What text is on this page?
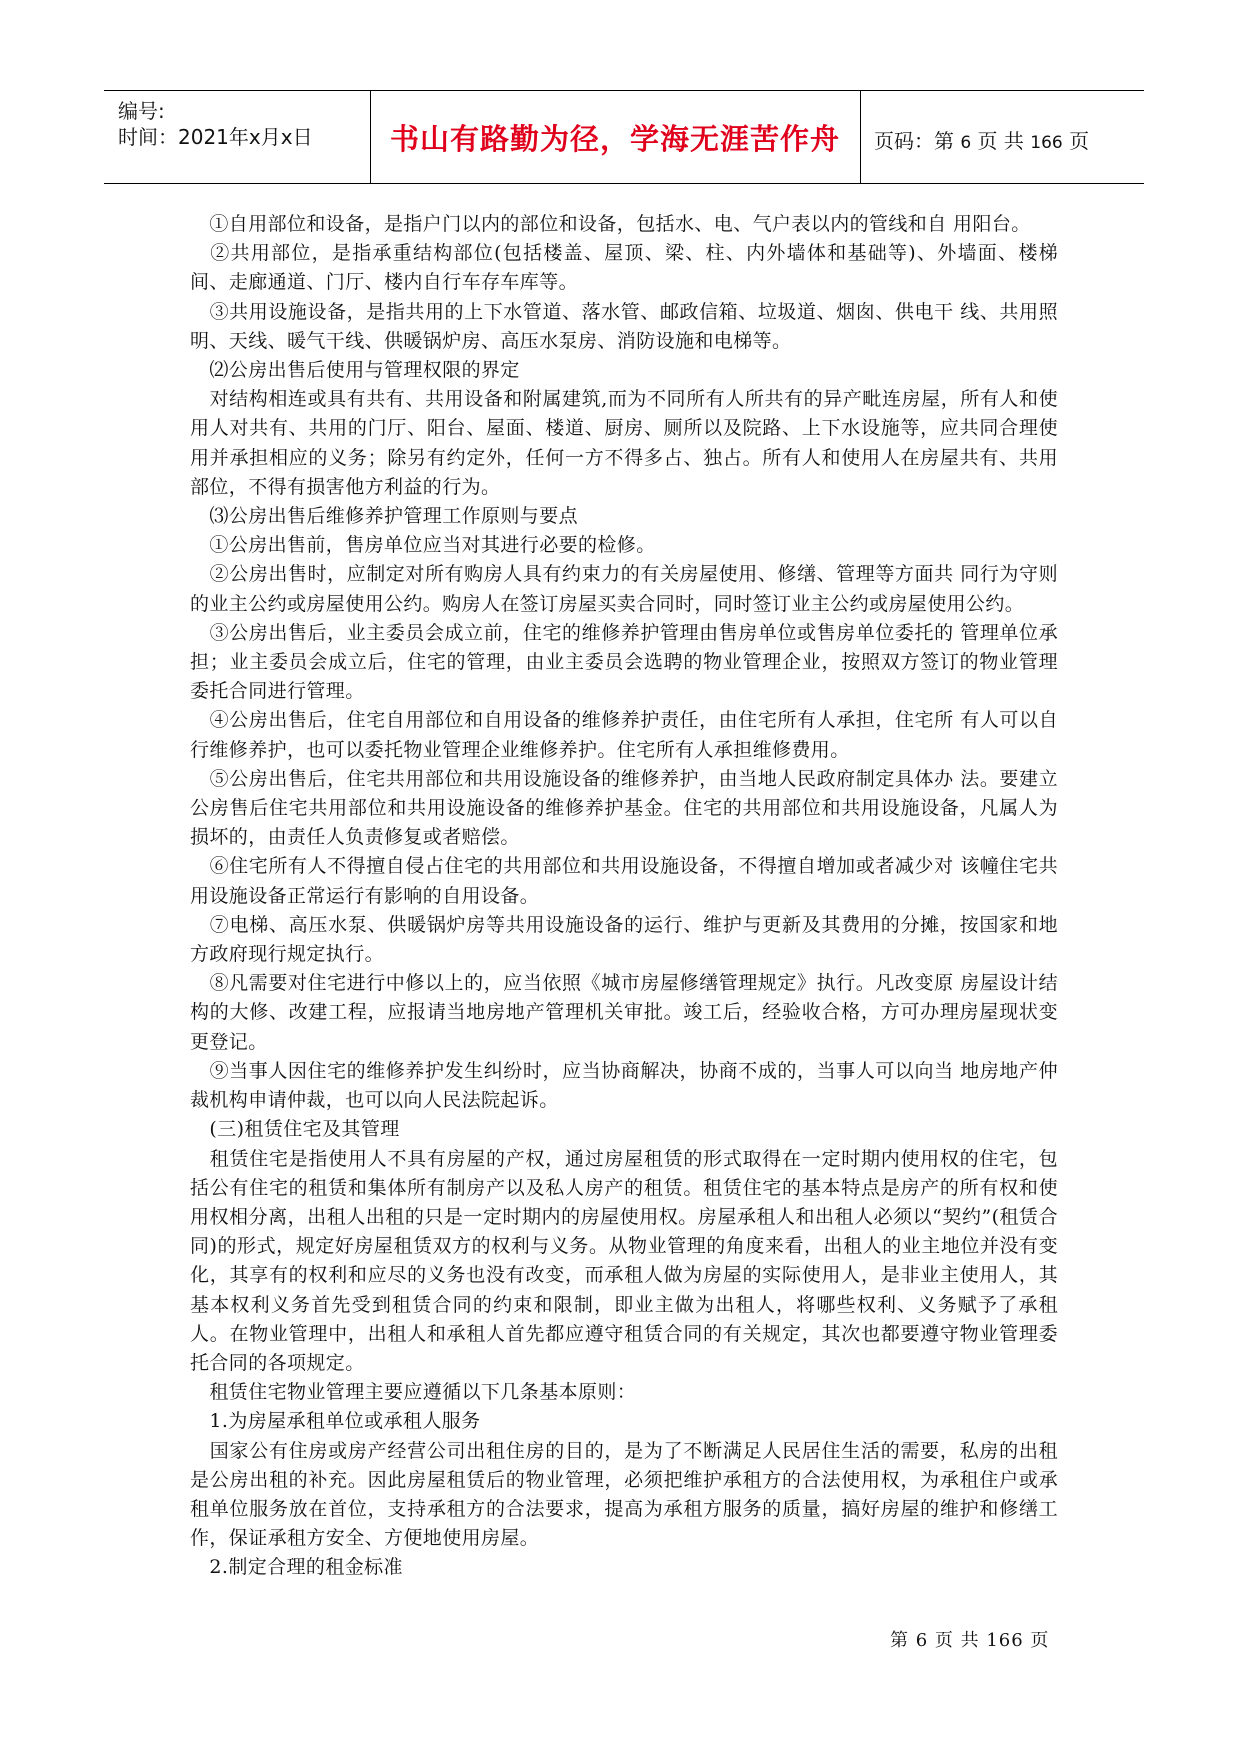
编号:
时间：2021年x月x日	书山有路勤为径，学海无涯苦作舟	页码：第 6 页 共 166 页

　①自用部位和设备，是指户门以内的部位和设备，包括水、电、气户表以内的管线和自 用阳台。

　②共用部位，是指承重结构部位(包括楼盖、屋顶、梁、柱、内外墙体和基础等)、外墙面、楼梯间、走廊通道、门厅、楼内自行车存车库等。

　③共用设施设备，是指共用的上下水管道、落水管、邮政信箱、垃圾道、烟囱、供电干 线、共用照明、天线、暖气干线、供暖锅炉房、高压水泵房、消防设施和电梯等。

　⑵公房出售后使用与管理权限的界定

　对结构相连或具有共有、共用设备和附属建筑,而为不同所有人所共有的异产毗连房屋，所有人和使用人对共有、共用的门厅、阳台、屋面、楼道、厨房、厕所以及院路、上下水设施等，应共同合理使用并承担相应的义务；除另有约定外，任何一方不得多占、独占。所有人和使用人在房屋共有、共用部位，不得有损害他方利益的行为。

　⑶公房出售后维修养护管理工作原则与要点

　①公房出售前，售房单位应当对其进行必要的检修。

　②公房出售时，应制定对所有购房人具有约束力的有关房屋使用、修缮、管理等方面共 同行为守则的业主公约或房屋使用公约。购房人在签订房屋买卖合同时，同时签订业主公约或房屋使用公约。

　③公房出售后，业主委员会成立前，住宅的维修养护管理由售房单位或售房单位委托的 管理单位承担；业主委员会成立后，住宅的管理，由业主委员会选聘的物业管理企业，按照双方签订的物业管理委托合同进行管理。

　④公房出售后，住宅自用部位和自用设备的维修养护责任，由住宅所有人承担，住宅所 有人可以自行维修养护，也可以委托物业管理企业维修养护。住宅所有人承担维修费用。

　⑤公房出售后，住宅共用部位和共用设施设备的维修养护，由当地人民政府制定具体办 法。要建立公房售后住宅共用部位和共用设施设备的维修养护基金。住宅的共用部位和共用设施设备，凡属人为损坏的，由责任人负责修复或者赔偿。

　⑥住宅所有人不得擅自侵占住宅的共用部位和共用设施设备，不得擅自增加或者减少对 该幢住宅共用设施设备正常运行有影响的自用设备。

　⑦电梯、高压水泵、供暖锅炉房等共用设施设备的运行、维护与更新及其费用的分摊，按国家和地方政府现行规定执行。

　⑧凡需要对住宅进行中修以上的，应当依照《城市房屋修缮管理规定》执行。凡改变原 房屋设计结构的大修、改建工程，应报请当地房地产管理机关审批。竣工后，经验收合格，方可办理房屋现状变更登记。

　⑨当事人因住宅的维修养护发生纠纷时，应当协商解决，协商不成的，当事人可以向当 地房地产仲裁机构申请仲裁，也可以向人民法院起诉。

　(三)租赁住宅及其管理

　租赁住宅是指使用人不具有房屋的产权，通过房屋租赁的形式取得在一定时期内使用权的住宅，包括公有住宅的租赁和集体所有制房产以及私人房产的租赁。租赁住宅的基本特点是房产的所有权和使用权相分离，出租人出租的只是一定时期内的房屋使用权。房屋承租人和出租人必须以“契约”(租赁合同)的形式，规定好房屋租赁双方的权利与义务。从物业管理的角度来看，出租人的业主地位并没有变化，其享有的权利和应尽的义务也没有改变，而承租人做为房屋的实际使用人，是非业主使用人，其基本权利义务首先受到租赁合同的约束和限制，即业主做为出租人，将哪些权利、义务赋予了承租人。在物业管理中，出租人和承租人首先都应遵守租赁合同的有关规定，其次也都要遵守物业管理委托合同的各项规定。

　租赁住宅物业管理主要应遵循以下几条基本原则：

　1.为房屋承租单位或承租人服务

　国家公有住房或房产经营公司出租住房的目的，是为了不断满足人民居住生活的需要，私房的出租是公房出租的补充。因此房屋租赁后的物业管理，必须把维护承租方的合法使用权，为承租住户或承租单位服务放在首位，支持承租方的合法要求，提高为承租方服务的质量，搞好房屋的维护和修缮工作，保证承租方安全、方便地使用房屋。

　2.制定合理的租金标准

第 6 页 共 166 页
